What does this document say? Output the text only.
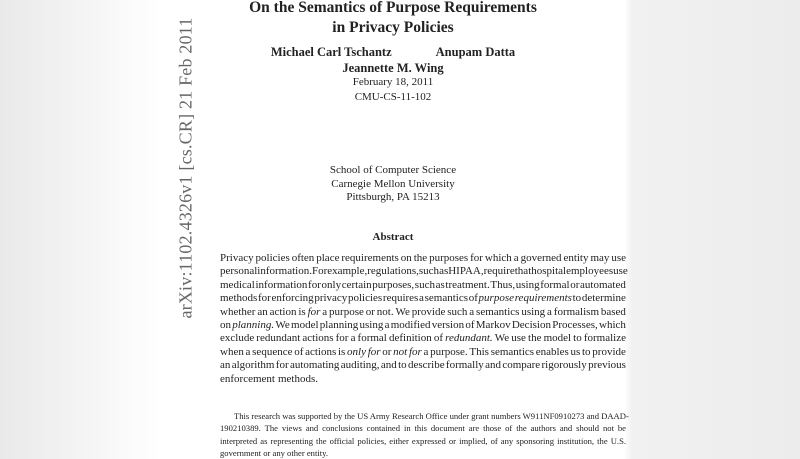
arXiv:1102.4326v1 [cs.CR] 21 Feb 2011
On the Semantics of Purpose Requirements
in Privacy Policies
Michael Carl Tschantz	Anupam Datta
Jeannette M. Wing
February 18, 2011
CMU-CS-11-102
School of Computer Science
Carnegie Mellon University
Pittsburgh, PA 15213
Abstract
Privacy policies often place requirements on the purposes for which a governed entity may use
personal information. For example, regulations, such as HIPAA, require that hospital employees use
medical information for only certain purposes, such as treatment. Thus, using formal or automated
methods for enforcing privacy policies requires a semantics of purpose requirements to determine
whether an action is for a purpose or not. We provide such a semantics using a formalism based
on planning. We model planning using a modified version of Markov Decision Processes, which
exclude redundant actions for a formal definition of redundant. We use the model to formalize
when a sequence of actions is only for or not for a purpose. This semantics enables us to provide
an algorithm for automating auditing, and to describe formally and compare rigorously previous
enforcement methods.
This research was supported by the US Army Research Office under grant numbers W911NF0910273 and DAAD-
190210389. The views and conclusions contained in this document are those of the authors and should not be
interpreted as representing the official policies, either expressed or implied, of any sponsoring institution, the U.S.
government or any other entity.
